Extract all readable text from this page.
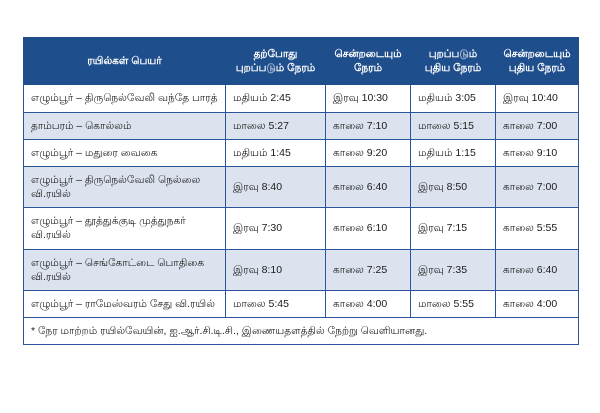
ரயில்கள் பெயர்	தற்போது புறப்படும் நேரம்	சென்றடையும் நேரம்	புறப்படும் புதிய நேரம்	சென்றடையும் புதிய நேரம்
எழும்பூர் – திருநெல்வேலி வந்தே பாரத்	மதியம் 2:45	இரவு 10:30	மதியம் 3:05	இரவு 10:40
தாம்பரம் – கொல்லம்	மாலை 5:27	காலை 7:10	மாலை 5:15	காலை 7:00
எழும்பூர் – மதுரை வைகை	மதியம் 1:45	காலை 9:20	மதியம் 1:15	காலை 9:10
எழும்பூர் – திருநெல்வேலி நெல்லை வி.ரயில்	இரவு 8:40	காலை 6:40	இரவு 8:50	காலை 7:00
எழும்பூர் – தூத்துக்குடி முத்துநகர் வி.ரயில்	இரவு 7:30	காலை 6:10	இரவு 7:15	காலை 5:55
எழும்பூர் – செங்கோட்டை பொதிகை வி.ரயில்	இரவு 8:10	காலை 7:25	இரவு 7:35	காலை 6:40
எழும்பூர் – ராமேஸ்வரம் சேது வி.ரயில்	மாலை 5:45	காலை 4:00	மாலை 5:55	காலை 4:00
* நேர மாற்றம் ரயில்வேயின், ஐ.ஆர்.சி.டி.சி., இணையதளத்தில் நேற்று வெளியானது.				
